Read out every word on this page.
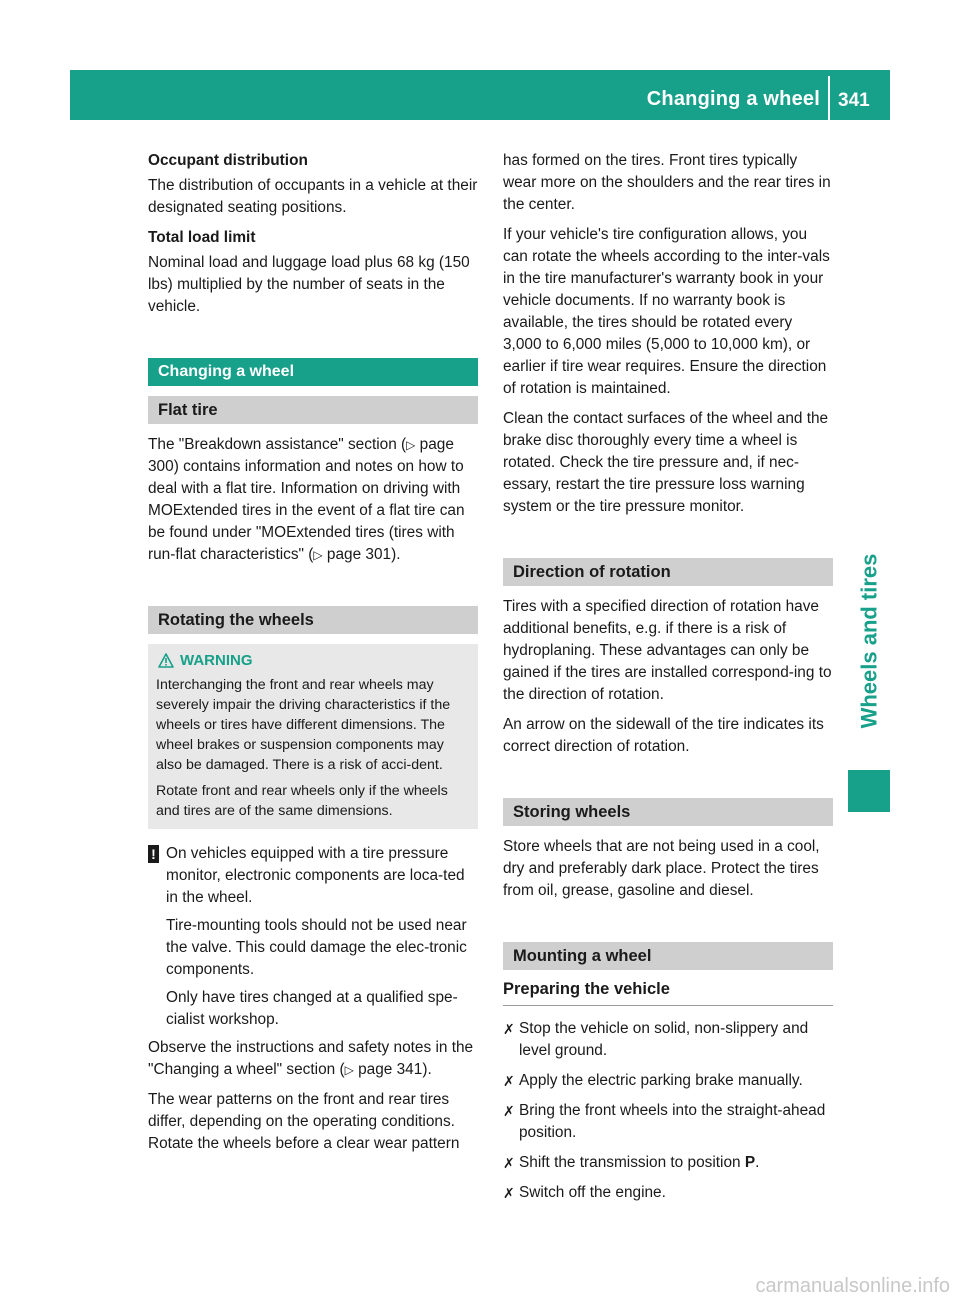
Changing a wheel 341
Wheels and tires

Occupant distribution

The distribution of occupants in a vehicle at their designated seating positions.

Total load limit

Nominal load and luggage load plus 68 kg (150 lbs) multiplied by the number of seats in the vehicle.

Changing a wheel
Flat tire

The "Breakdown assistance" section (▷ page 300) contains information and notes on how to deal with a flat tire. Information on driving with MOExtended tires in the event of a flat tire can be found under "MOExtended tires (tires with run-flat characteristics" (▷ page 301).

Rotating the wheels
WARNING

Interchanging the front and rear wheels may severely impair the driving characteristics if the wheels or tires have different dimensions. The wheel brakes or suspension components may also be damaged. There is a risk of acci-dent.

Rotate front and rear wheels only if the wheels and tires are of the same dimensions.

! On vehicles equipped with a tire pressure monitor, electronic components are loca-ted in the wheel.

Tire-mounting tools should not be used near the valve. This could damage the elec-tronic components.

Only have tires changed at a qualified spe-cialist workshop.

Observe the instructions and safety notes in the "Changing a wheel" section (▷ page 341).

The wear patterns on the front and rear tires differ, depending on the operating conditions. Rotate the wheels before a clear wear pattern

has formed on the tires. Front tires typically wear more on the shoulders and the rear tires in the center.

If your vehicle's tire configuration allows, you can rotate the wheels according to the inter-vals in the tire manufacturer's warranty book in your vehicle documents. If no warranty book is available, the tires should be rotated every 3,000 to 6,000 miles (5,000 to 10,000 km), or earlier if tire wear requires. Ensure the direction of rotation is maintained.

Clean the contact surfaces of the wheel and the brake disc thoroughly every time a wheel is rotated. Check the tire pressure and, if nec-essary, restart the tire pressure loss warning system or the tire pressure monitor.

Direction of rotation

Tires with a specified direction of rotation have additional benefits, e.g. if there is a risk of hydroplaning. These advantages can only be gained if the tires are installed correspond-ing to the direction of rotation.

An arrow on the sidewall of the tire indicates its correct direction of rotation.

Storing wheels

Store wheels that are not being used in a cool, dry and preferably dark place. Protect the tires from oil, grease, gasoline and diesel.

Mounting a wheel
Preparing the vehicle
✗ Stop the vehicle on solid, non-slippery and level ground.
✗ Apply the electric parking brake manually.
✗ Bring the front wheels into the straight-ahead position.
✗ Shift the transmission to position P.
✗ Switch off the engine.
carmanualsonline.info
